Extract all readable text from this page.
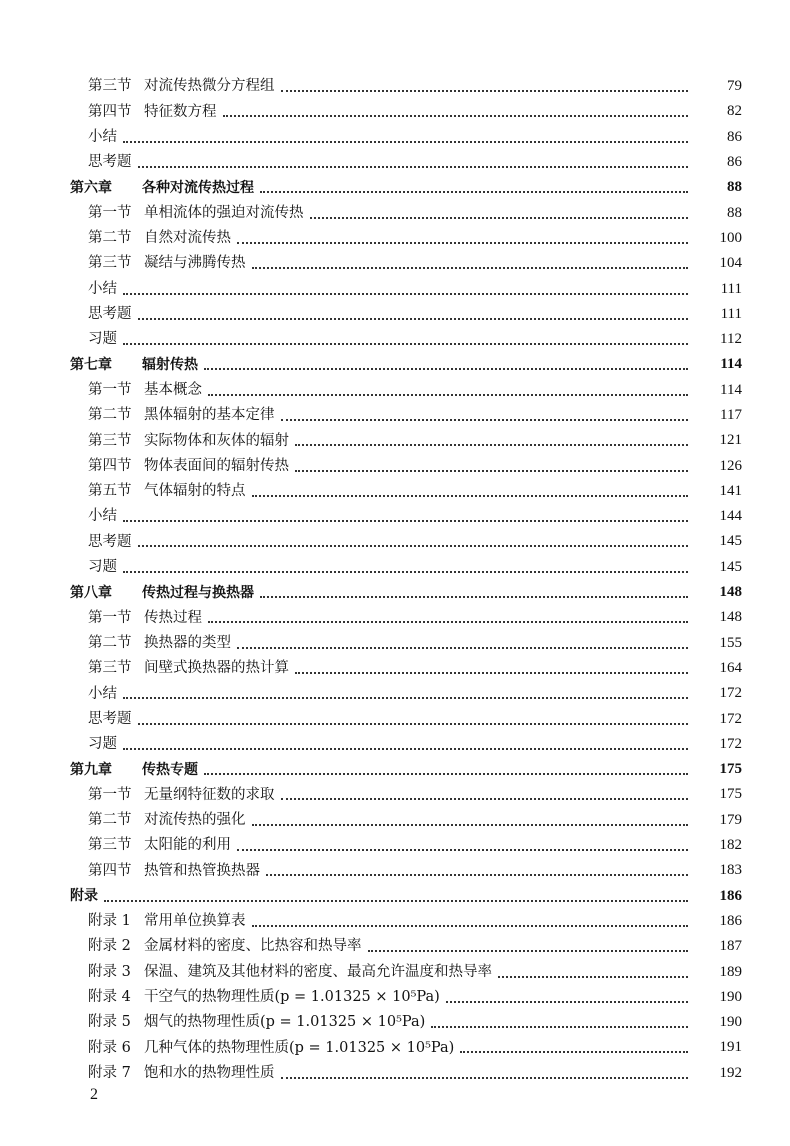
第三节 对流传热微分方程组	79
第四节 特征数方程	82
小结	86
思考题	86
第六章	各种对流传热过程	88
第一节 单相流体的强迫对流传热	88
第二节 自然对流传热	100
第三节 凝结与沸腾传热	104
小结	111
思考题	111
习题	112
第七章	辐射传热	114
第一节 基本概念	114
第二节 黑体辐射的基本定律	117
第三节 实际物体和灰体的辐射	121
第四节 物体表面间的辐射传热	126
第五节 气体辐射的特点	141
小结	144
思考题	145
习题	145
第八章	传热过程与换热器	148
第一节 传热过程	148
第二节 换热器的类型	155
第三节 间壁式换热器的热计算	164
小结	172
思考题	172
习题	172
第九章	传热专题	175
第一节 无量纲特征数的求取	175
第二节 对流传热的强化	179
第三节 太阳能的利用	182
第四节 热管和热管换热器	183
附录	186
附录 1 常用单位换算表	186
附录 2 金属材料的密度、比热容和热导率	187
附录 3 保温、建筑及其他材料的密度、最高允许温度和热导率	189
附录 4 干空气的热物理性质(p = 1.01325 × 10⁵Pa)	190
附录 5 烟气的热物理性质(p = 1.01325 × 10⁵Pa)	190
附录 6 几种气体的热物理性质(p = 1.01325 × 10⁵Pa)	191
附录 7 饱和水的热物理性质	192
2
